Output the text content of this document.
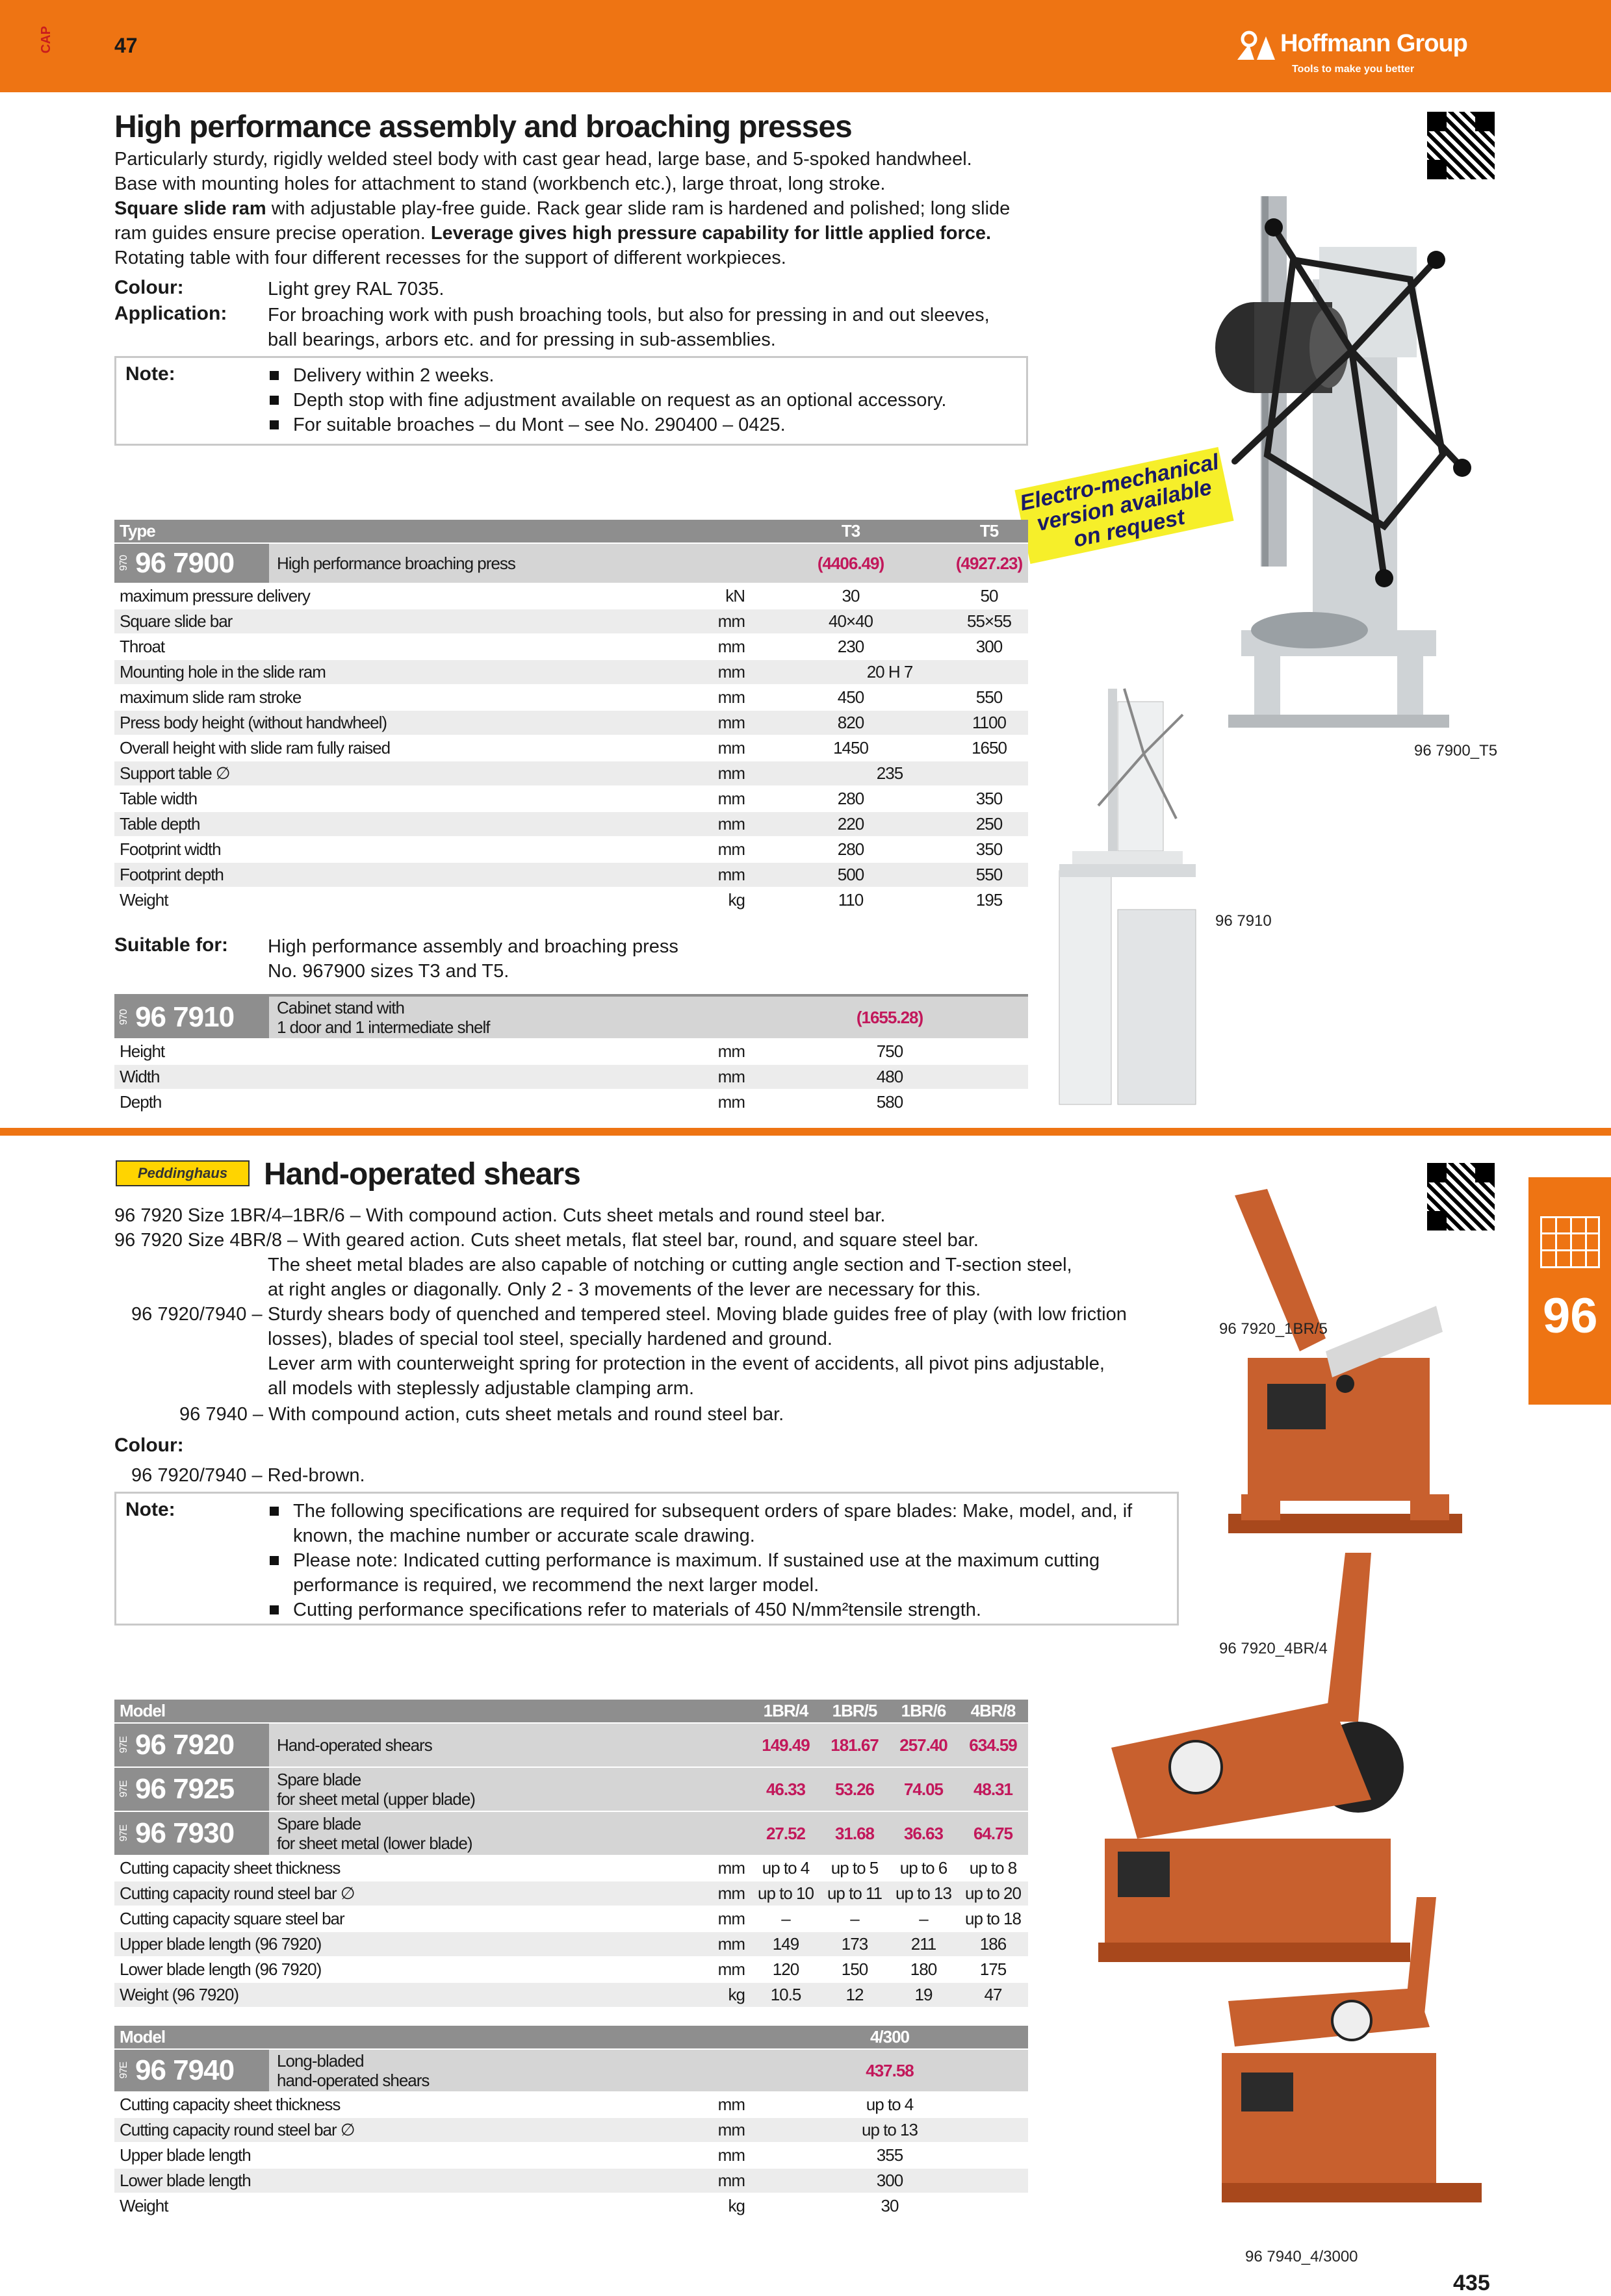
CAP	47	Hoffmann Group
Tools to make you better
High performance assembly and broaching presses
Particularly sturdy, rigidly welded steel body with cast gear head, large base, and 5-spoked handwheel.
Base with mounting holes for attachment to stand (workbench etc.), large throat, long stroke.
Square slide ram with adjustable play-free guide. Rack gear slide ram is hardened and polished; long slide
ram guides ensure precise operation. Leverage gives high pressure capability for little applied force.
Rotating table with four different recesses for the support of different workpieces.
Colour:	Light grey RAL 7035.
Application: For broaching work with push broaching tools, but also for pressing in and out sleeves,
ball bearings, arbors etc. and for pressing in sub-assemblies.
Note:	Delivery within 2 weeks.
Depth stop with fine adjustment available on request as an optional accessory.
For suitable broaches – du Mont – see No. 290400 – 0425.
Electro-mechanical version available on request
Type		T3	T5

970 96 7900 High performance broaching press		(4406.49)	(4927.23)
maximum pressure delivery	kN	30	50
Square slide bar	mm	40×40	55×55
Throat	mm	230	300
Mounting hole in the slide ram	mm	20 H 7	
maximum slide ram stroke	mm	450	550
Press body height (without handwheel)	mm	820	1100
Overall height with slide ram fully raised	mm	1450	1650
Support table ∅	mm	235	
Table width	mm	280	350
Table depth	mm	220	250
Footprint width	mm	280	350
Footprint depth	mm	500	550
Weight	kg	110	195
Suitable for: High performance assembly and broaching press
No. 967900 sizes T3 and T5.
970 96 7910 Cabinet stand with
1 door and 1 intermediate shelf		(1655.28)
Height	mm	750
Width	mm	480
Depth	mm	580
96 7900_T5
96 7910
Peddinghaus	Hand-operated shears
96 7920 Size 1BR/4–1BR/6 – With compound action. Cuts sheet metals and round steel bar.
96 7920 Size 4BR/8 – With geared action. Cuts sheet metals, flat steel bar, round, and square steel bar.
The sheet metal blades are also capable of notching or cutting angle section and T-section steel,
at right angles or diagonally. Only 2 - 3 movements of the lever are necessary for this.
96 7920/7940 – Sturdy shears body of quenched and tempered steel. Moving blade guides free of play (with low friction
losses), blades of special tool steel, specially hardened and ground.
Lever arm with counterweight spring for protection in the event of accidents, all pivot pins adjustable,
all models with steplessly adjustable clamping arm.
96 7940 – With compound action, cuts sheet metals and round steel bar.
Colour:
96 7920/7940 – Red-brown.
Note:	The following specifications are required for subsequent orders of spare blades: Make, model, and, if
known, the machine number or accurate scale drawing.
Please note: Indicated cutting performance is maximum. If sustained use at the maximum cutting
performance is required, we recommend the next larger model.
Cutting performance specifications refer to materials of 450 N/mm²tensile strength.
Model		1BR/4	1BR/5	1BR/6	4BR/8

97E 96 7920 Hand-operated shears		149.49	181.67	257.40	634.59

97E 96 7925 Spare blade
for sheet metal (upper blade)		46.33	53.26	74.05	48.31

97E 96 7930 Spare blade
for sheet metal (lower blade)		27.52	31.68	36.63	64.75
Cutting capacity sheet thickness	mm	up to 4	up to 5	up to 6	up to 8
Cutting capacity round steel bar ∅	mm	up to 10	up to 11	up to 13	up to 20
Cutting capacity square steel bar	mm	–	–	–	up to 18
Upper blade length (96 7920)	mm	149	173	211	186
Lower blade length (96 7920)	mm	120	150	180	175
Weight (96 7920)	kg	10.5	12	19	47
Model		4/300

97E 96 7940 Long-bladed
hand-operated shears		437.58
Cutting capacity sheet thickness	mm	up to 4
Cutting capacity round steel bar ∅	mm	up to 13
Upper blade length	mm	355
Lower blade length	mm	300
Weight	kg	30
96
96 7920_1BR/5
96 7920_4BR/4
96 7940_4/3000
435
